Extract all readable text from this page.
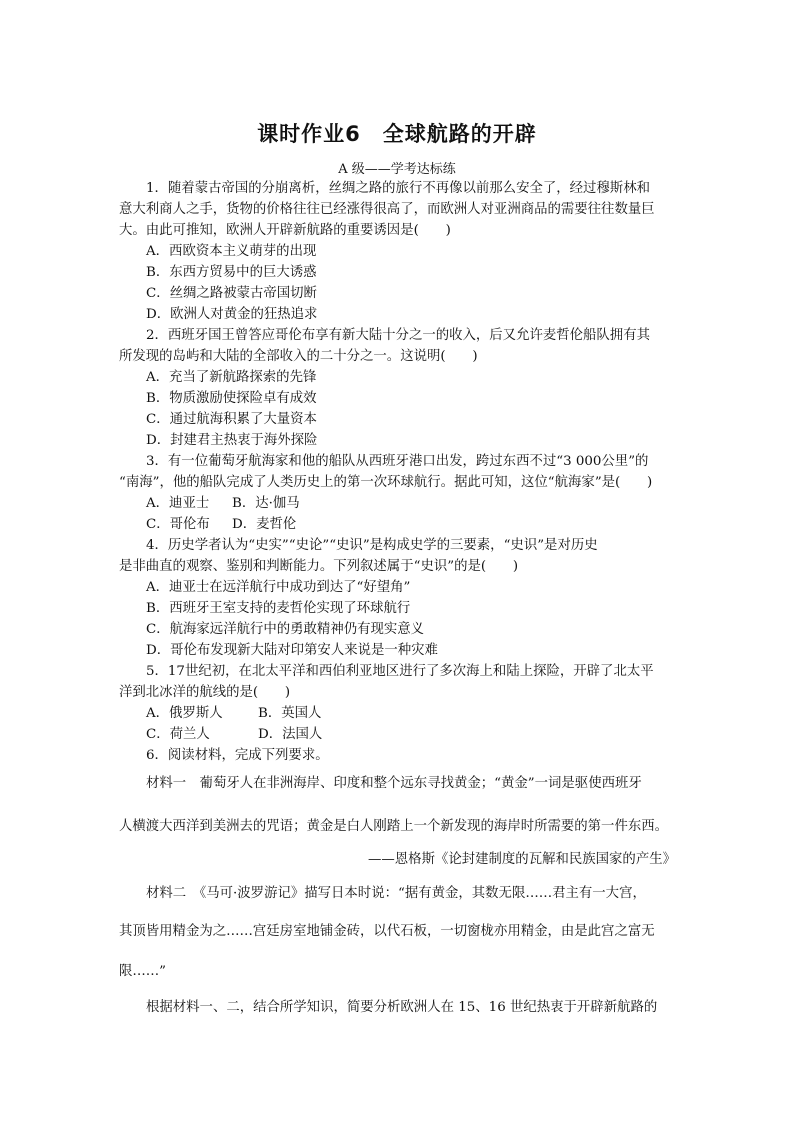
课时作业6　全球航路的开辟
A 级——学考达标练
1．随着蒙古帝国的分崩离析，丝绸之路的旅行不再像以前那么安全了，经过穆斯林和
意大利商人之手，货物的价格往往已经涨得很高了，而欧洲人对亚洲商品的需要往往数量巨
大。由此可推知，欧洲人开辟新航路的重要诱因是(　　)
A．西欧资本主义萌芽的出现
B．东西方贸易中的巨大诱惑
C．丝绸之路被蒙古帝国切断
D．欧洲人对黄金的狂热追求
2．西班牙国王曾答应哥伦布享有新大陆十分之一的收入，后又允许麦哲伦船队拥有其
所发现的岛屿和大陆的全部收入的二十分之一。这说明(　　)
A．充当了新航路探索的先锋
B．物质激励使探险卓有成效
C．通过航海积累了大量资本
D．封建君主热衷于海外探险
3．有一位葡萄牙航海家和他的船队从西班牙港口出发，跨过东西不过“3 000公里”的
“南海”，他的船队完成了人类历史上的第一次环球航行。据此可知，这位“航海家”是(　　)
A．迪亚士 B．达·伽马
C．哥伦布 D．麦哲伦
4．历史学者认为“史实”“史论”“史识”是构成史学的三要素，“史识”是对历史
是非曲直的观察、鉴别和判断能力。下列叙述属于“史识”的是(　　)
A．迪亚士在远洋航行中成功到达了“好望角”
B．西班牙王室支持的麦哲伦实现了环球航行
C．航海家远洋航行中的勇敢精神仍有现实意义
D．哥伦布发现新大陆对印第安人来说是一种灾难
5．17世纪初，在北太平洋和西伯利亚地区进行了多次海上和陆上探险，开辟了北太平
洋到北冰洋的航线的是(　　)
A．俄罗斯人	B．英国人
C．荷兰人	D．法国人
6．阅读材料，完成下列要求。
材料一　葡萄牙人在非洲海岸、印度和整个远东寻找黄金；“黄金”一词是驱使西班牙
人横渡大西洋到美洲去的咒语；黄金是白人刚踏上一个新发现的海岸时所需要的第一件东西。
——恩格斯《论封建制度的瓦解和民族国家的产生》
材料二　《马可·波罗游记》描写日本时说：“据有黄金，其数无限……君主有一大宫，
其顶皆用精金为之……宫廷房室地铺金砖，以代石板，一切窗栊亦用精金，由是此宫之富无
限……”
根据材料一、二，结合所学知识，简要分析欧洲人在 15、16 世纪热衷于开辟新航路的
